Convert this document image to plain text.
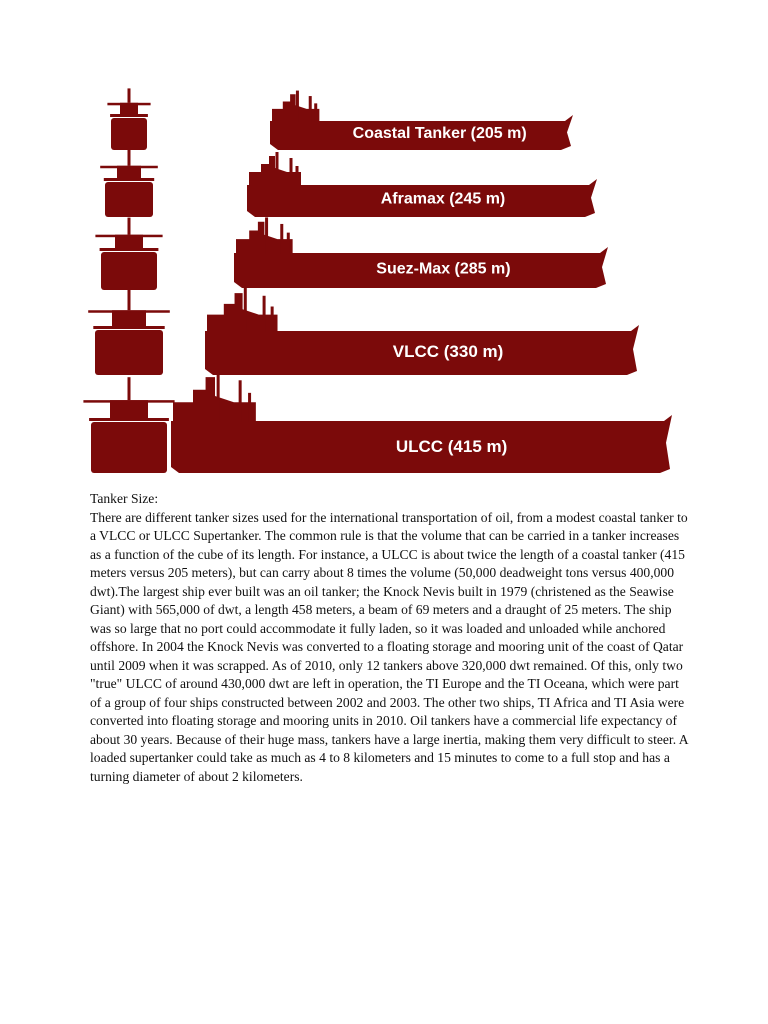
Coastal Tanker (205 m)
Aframax (245 m)
Suez-Max (285 m)
VLCC (330 m)
ULCC (415 m)

Tanker Size:

There are different tanker sizes used for the international transportation of oil, from a modest coastal tanker to a VLCC or ULCC Supertanker. The common rule is that the volume that can be carried in a tanker increases as a function of the cube of its length. For instance, a ULCC is about twice the length of a coastal tanker (415 meters versus 205 meters), but can carry about 8 times the volume (50,000 deadweight tons versus 400,000 dwt).The largest ship ever built was an oil tanker; the Knock Nevis built in 1979 (christened as the Seawise Giant) with 565,000 of dwt, a length 458 meters, a beam of 69 meters and a draught of 25 meters. The ship was so large that no port could accommodate it fully laden, so it was loaded and unloaded while anchored offshore. In 2004 the Knock Nevis was converted to a floating storage and mooring unit of the coast of Qatar until 2009 when it was scrapped. As of 2010, only 12 tankers above 320,000 dwt remained. Of this, only two "true" ULCC of around 430,000 dwt are left in operation, the TI Europe and the TI Oceana, which were part of a group of four ships constructed between 2002 and 2003. The other two ships, TI Africa and TI Asia were converted into floating storage and mooring units in 2010. Oil tankers have a commercial life expectancy of about 30 years. Because of their huge mass, tankers have a large inertia, making them very difficult to steer. A loaded supertanker could take as much as 4 to 8 kilometers and 15 minutes to come to a full stop and has a turning diameter of about 2 kilometers.
